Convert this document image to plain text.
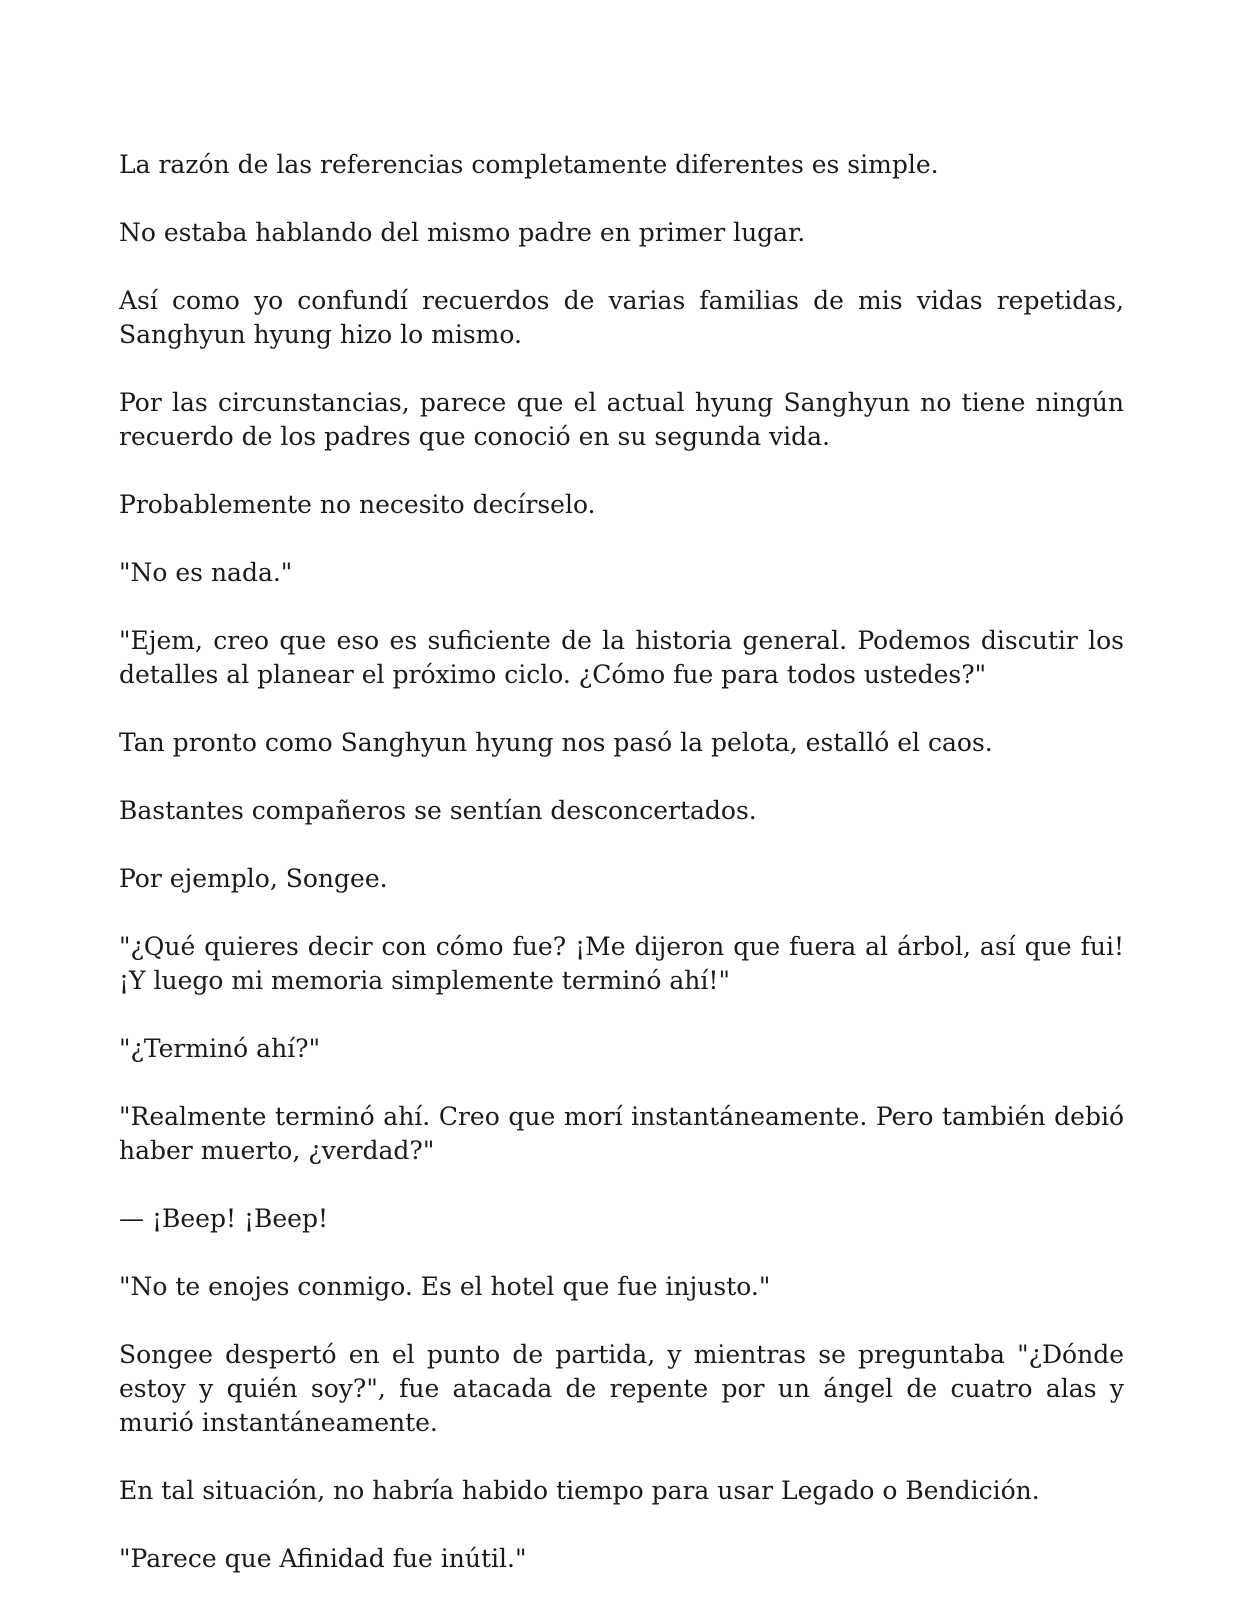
La razón de las referencias completamente diferentes es simple.

No estaba hablando del mismo padre en primer lugar.

Así como yo confundí recuerdos de varias familias de mis vidas repetidas, Sanghyun hyung hizo lo mismo.

Por las circunstancias, parece que el actual hyung Sanghyun no tiene ningún recuerdo de los padres que conoció en su segunda vida.

Probablemente no necesito decírselo.

"No es nada."

"Ejem, creo que eso es suficiente de la historia general. Podemos discutir los detalles al planear el próximo ciclo. ¿Cómo fue para todos ustedes?"

Tan pronto como Sanghyun hyung nos pasó la pelota, estalló el caos.

Bastantes compañeros se sentían desconcertados.

Por ejemplo, Songee.

"¿Qué quieres decir con cómo fue? ¡Me dijeron que fuera al árbol, así que fui! ¡Y luego mi memoria simplemente terminó ahí!"

"¿Terminó ahí?"

"Realmente terminó ahí. Creo que morí instantáneamente. Pero también debió haber muerto, ¿verdad?"

— ¡Beep! ¡Beep!

"No te enojes conmigo. Es el hotel que fue injusto."

Songee despertó en el punto de partida, y mientras se preguntaba "¿Dónde estoy y quién soy?", fue atacada de repente por un ángel de cuatro alas y murió instantáneamente.

En tal situación, no habría habido tiempo para usar Legado o Bendición.

"Parece que Afinidad fue inútil."
